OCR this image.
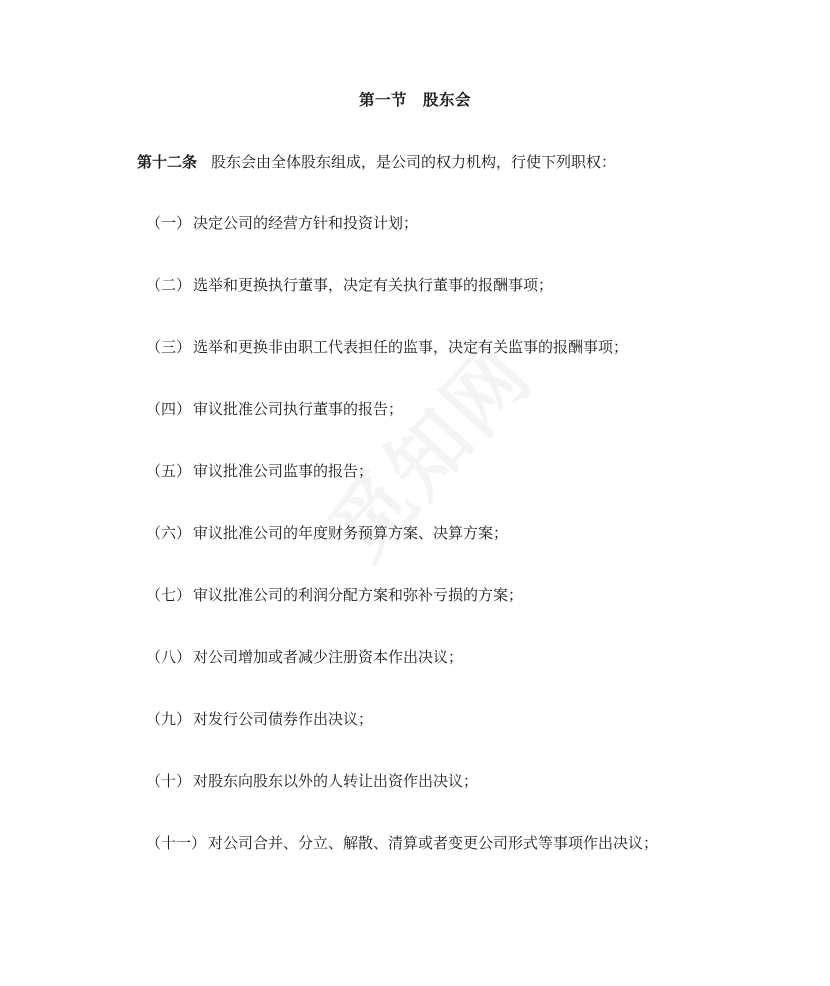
第一节　股东会
第十二条 股东会由全体股东组成，是公司的权力机构，行使下列职权：
（一） 决定公司的经营方针和投资计划；
（二） 选举和更换执行董事，决定有关执行董事的报酬事项；
（三） 选举和更换非由职工代表担任的监事，决定有关监事的报酬事项；
（四） 审议批准公司执行董事的报告；
（五） 审议批准公司监事的报告；
（六） 审议批准公司的年度财务预算方案、决算方案；
（七） 审议批准公司的利润分配方案和弥补亏损的方案；
（八） 对公司增加或者减少注册资本作出决议；
（九） 对发行公司债券作出决议；
（十） 对股东向股东以外的人转让出资作出决议；
（十一） 对公司合并、分立、解散、清算或者变更公司形式等事项作出决议；
